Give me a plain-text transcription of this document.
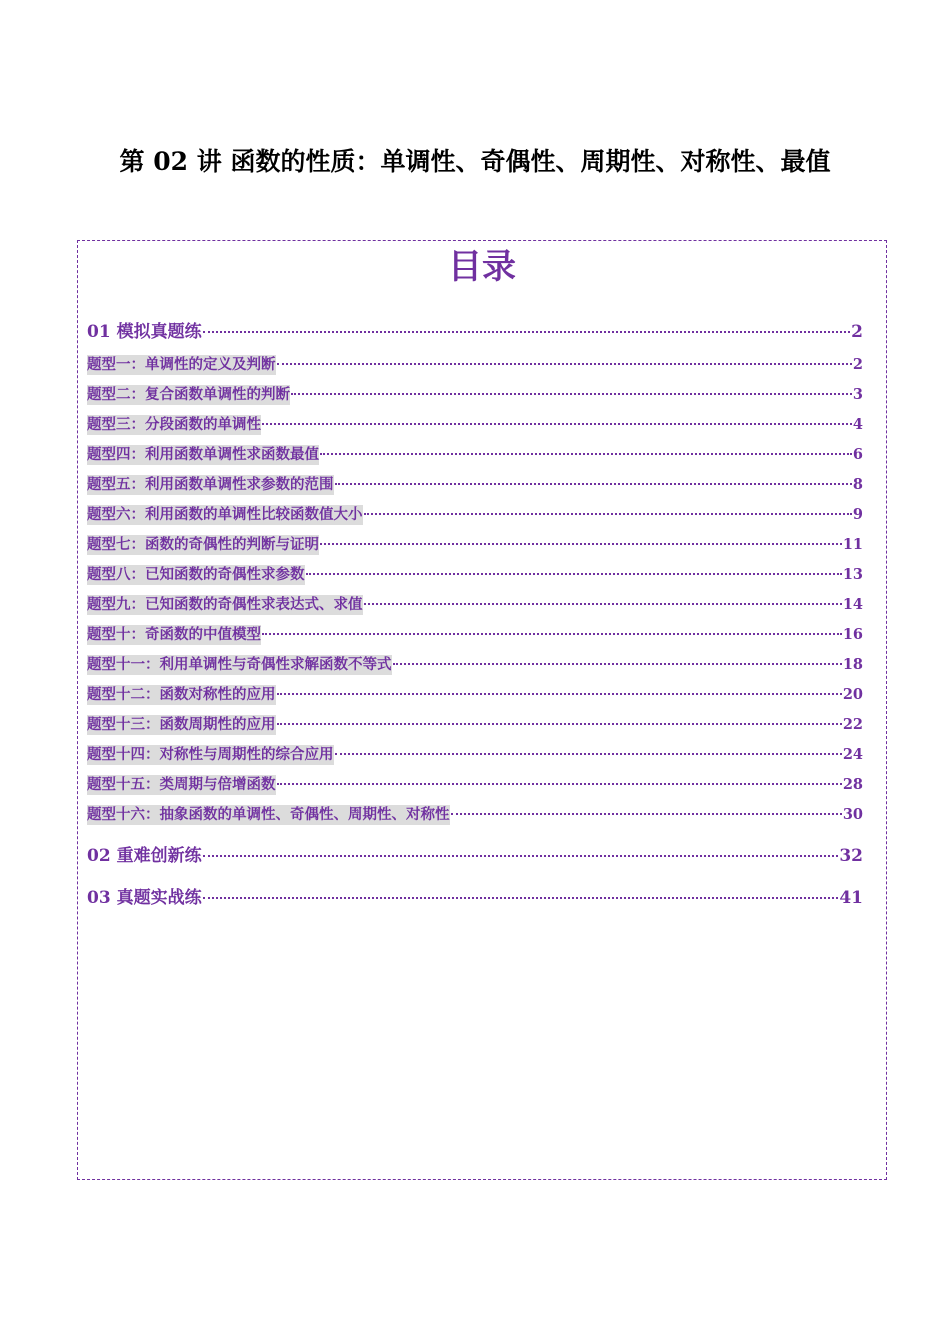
第 02 讲 函数的性质：单调性、奇偶性、周期性、对称性、最值
目录
01 模拟真题练	2
题型一：单调性的定义及判断	2
题型二：复合函数单调性的判断	3
题型三：分段函数的单调性	4
题型四：利用函数单调性求函数最值	6
题型五：利用函数单调性求参数的范围	8
题型六：利用函数的单调性比较函数值大小	9
题型七：函数的奇偶性的判断与证明	11
题型八：已知函数的奇偶性求参数	13
题型九：已知函数的奇偶性求表达式、求值	14
题型十：奇函数的中值模型	16
题型十一：利用单调性与奇偶性求解函数不等式	18
题型十二：函数对称性的应用	20
题型十三：函数周期性的应用	22
题型十四：对称性与周期性的综合应用	24
题型十五：类周期与倍增函数	28
题型十六：抽象函数的单调性、奇偶性、周期性、对称性	30
02 重难创新练	32
03 真题实战练	41
